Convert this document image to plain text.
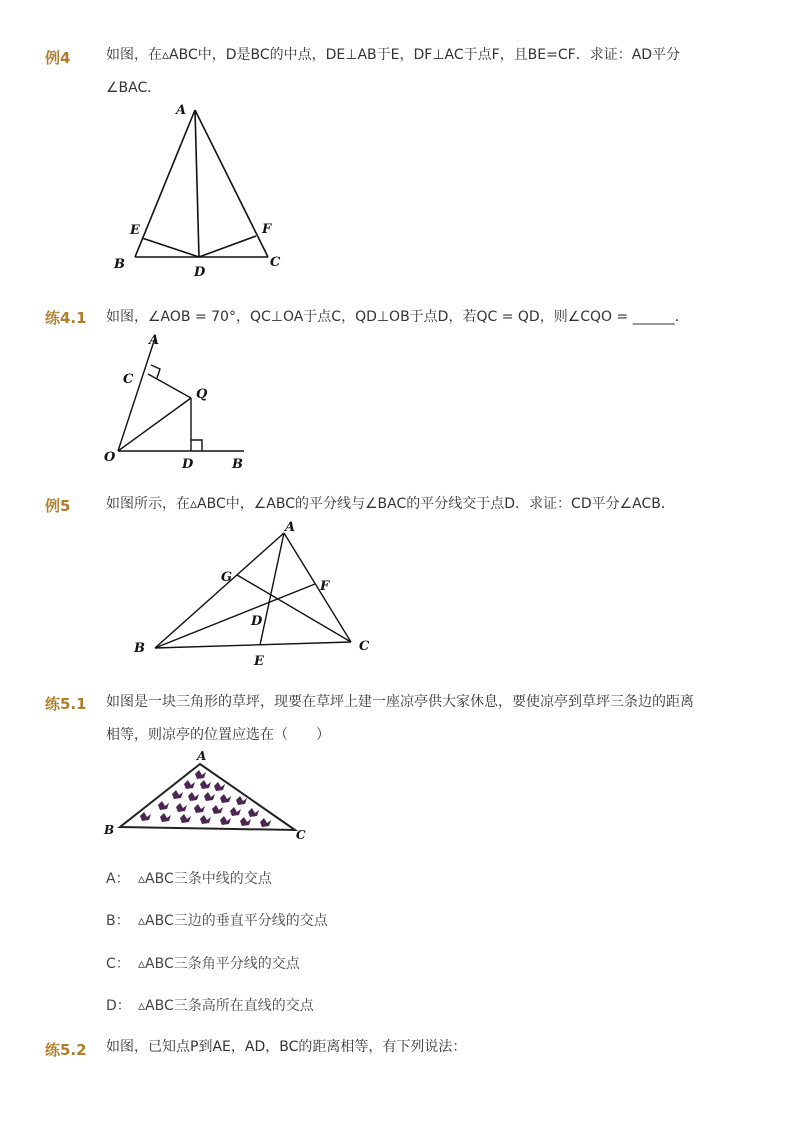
例4	如图，在▵ABC中，D是BC的中点，DE⊥AB于E，DF⊥AC于点F，且BE=CF．求证：AD平分
∠BAC．
A
B	C
D
E	F
练4.1 如图，∠AOB = 70°，QC⊥OA于点C，QD⊥OB于点D，若QC = QD，则∠CQO = ______．
A
C
Q
O	D	B
例5	如图所示，在▵ABC中，∠ABC的平分线与∠BAC的平分线交于点D．求证：CD平分∠ACB．
A
B	C
D
E
F
G
练5.1 如图是一块三角形的草坪，现要在草坪上建一座凉亭供大家休息，要使凉亭到草坪三条边的距离
相等，则凉亭的位置应选在（　　）
A
B	C
A： ▵ABC三条中线的交点
B： ▵ABC三边的垂直平分线的交点
C： ▵ABC三条角平分线的交点
D： ▵ABC三条高所在直线的交点
练5.2 如图，已知点P到AE，AD，BC的距离相等，有下列说法：
